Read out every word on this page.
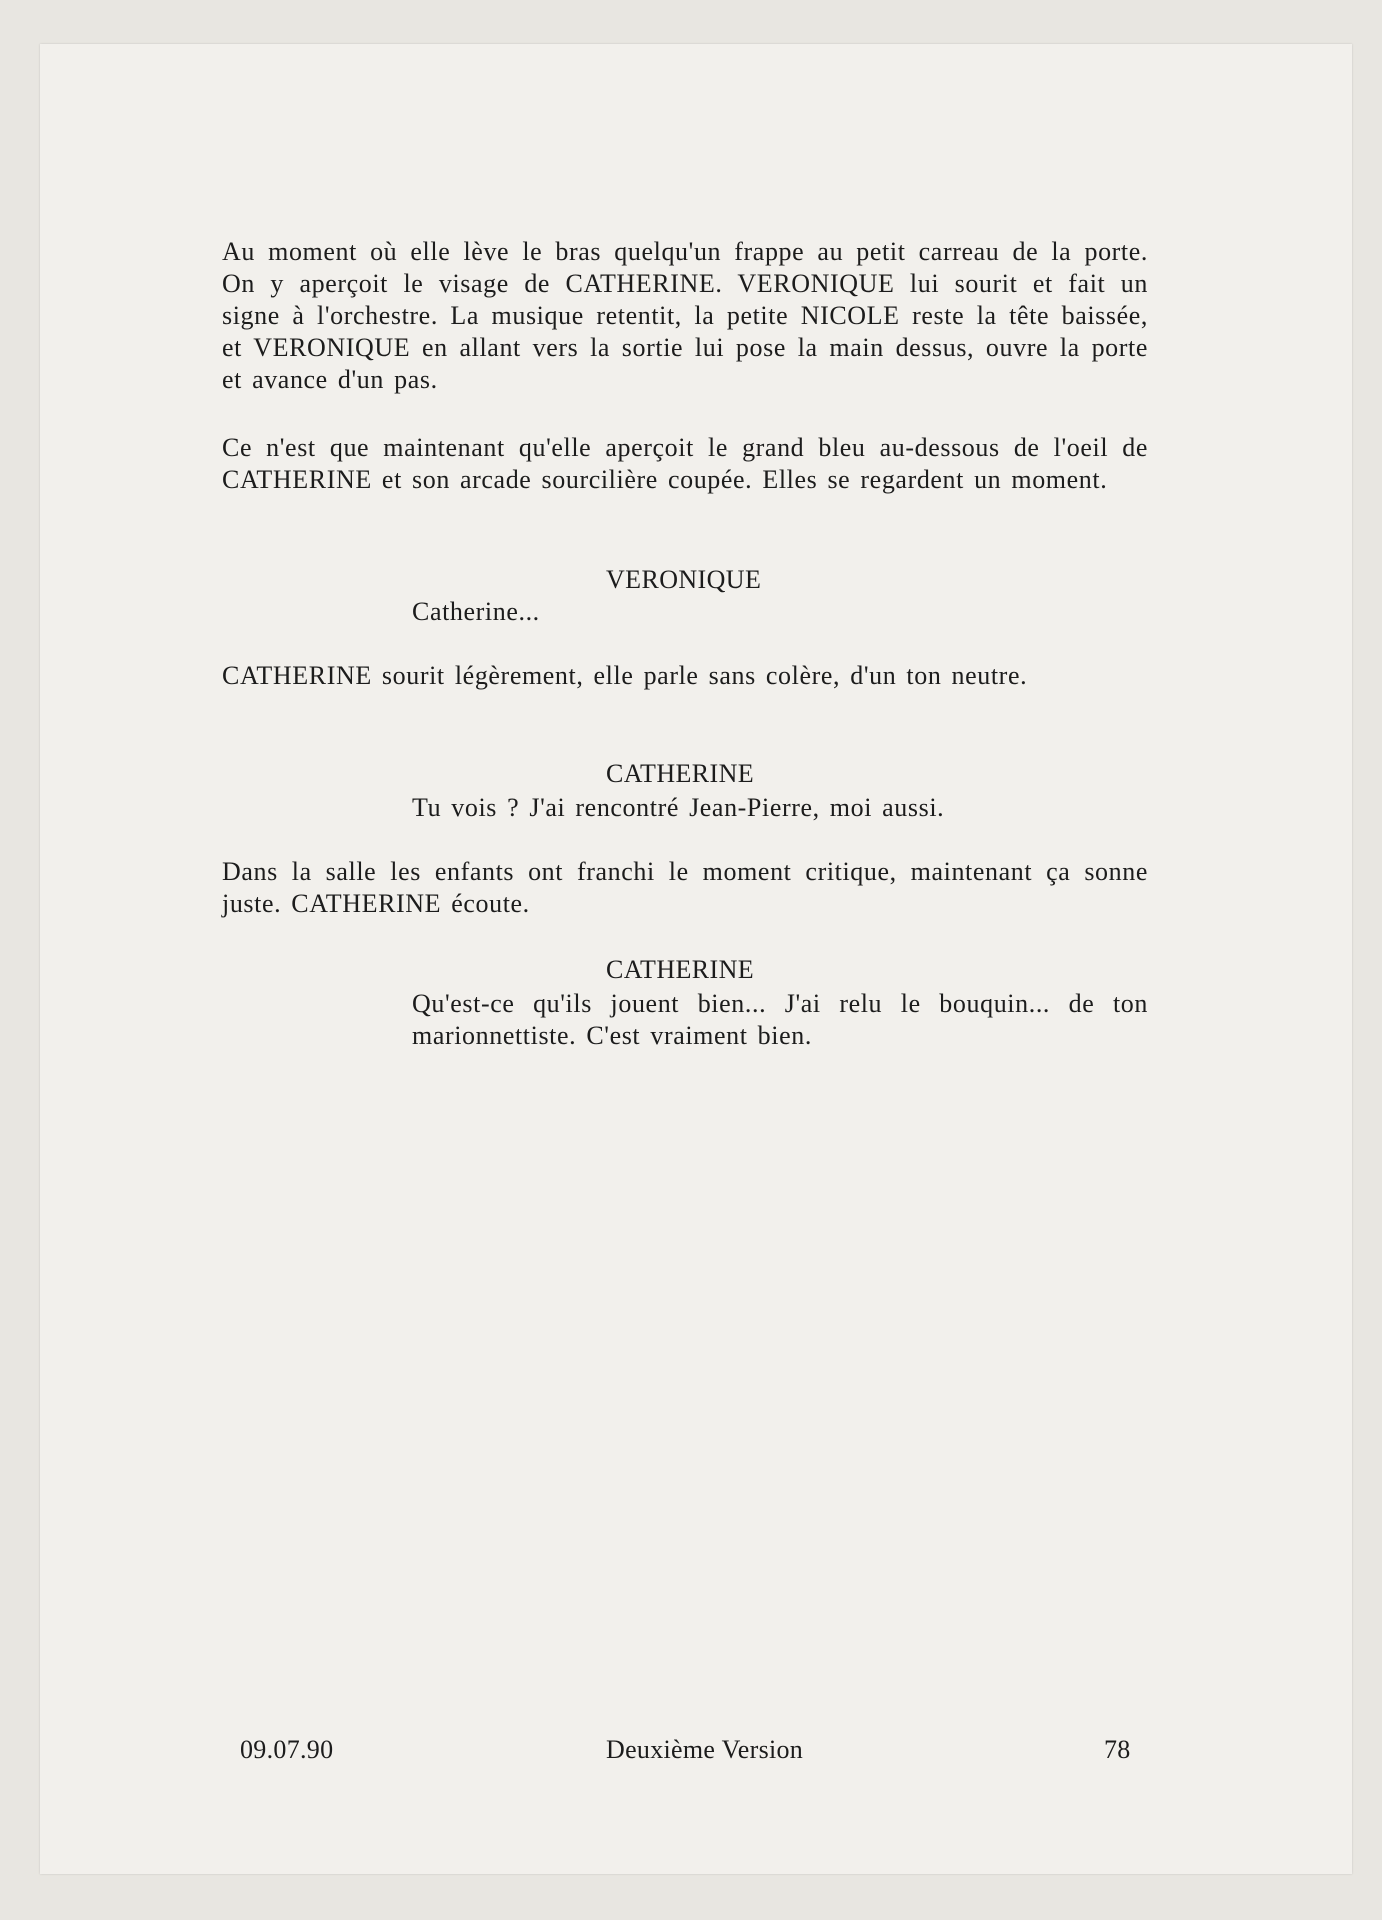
Au moment où elle lève le bras quelqu'un frappe au petit carreau de la porte. On y aperçoit le visage de CATHERINE. VERONIQUE lui sourit et fait un signe à l'orchestre. La musique retentit, la petite NICOLE reste la tête baissée, et VERONIQUE en allant vers la sortie lui pose la main dessus, ouvre la porte et avance d'un pas.

Ce n'est que maintenant qu'elle aperçoit le grand bleu au-dessous de l'oeil de CATHERINE et son arcade sourcilière coupée. Elles se regardent un moment.

VERONIQUE

Catherine...

CATHERINE sourit légèrement, elle parle sans colère, d'un ton neutre.

CATHERINE

Tu vois ? J'ai rencontré Jean-Pierre, moi aussi.

Dans la salle les enfants ont franchi le moment critique, maintenant ça sonne juste. CATHERINE écoute.

CATHERINE

Qu'est-ce qu'ils jouent bien... J'ai relu le bouquin... de ton marionnettiste. C'est vraiment bien.

09.07.90	Deuxième Version	78
